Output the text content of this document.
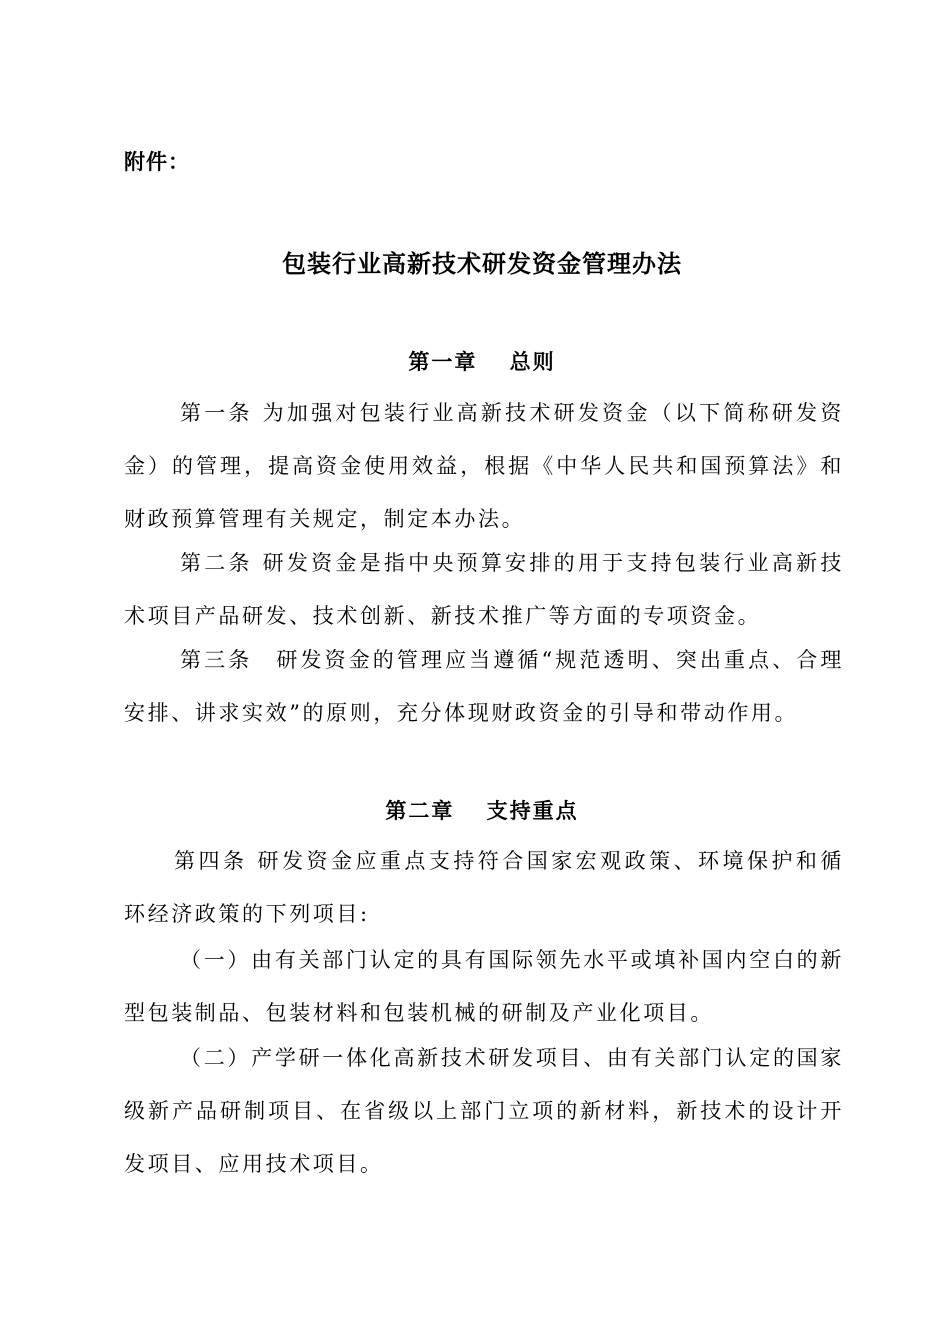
附件：
包装行业高新技术研发资金管理办法
第一章　 总则
第一条 为加强对包装行业高新技术研发资金（以下简称研发资金）的管理，提高资金使用效益，根据《中华人民共和国预算法》和财政预算管理有关规定，制定本办法。
第二条 研发资金是指中央预算安排的用于支持包装行业高新技术项目产品研发、技术创新、新技术推广等方面的专项资金。
第三条　研发资金的管理应当遵循“规范透明、突出重点、合理安排、讲求实效”的原则，充分体现财政资金的引导和带动作用。
第二章　 支持重点
第四条 研发资金应重点支持符合国家宏观政策、环境保护和循环经济政策的下列项目:
（一）由有关部门认定的具有国际领先水平或填补国内空白的新型包装制品、包装材料和包装机械的研制及产业化项目。
（二）产学研一体化高新技术研发项目、由有关部门认定的国家级新产品研制项目、在省级以上部门立项的新材料，新技术的设计开发项目、应用技术项目。
